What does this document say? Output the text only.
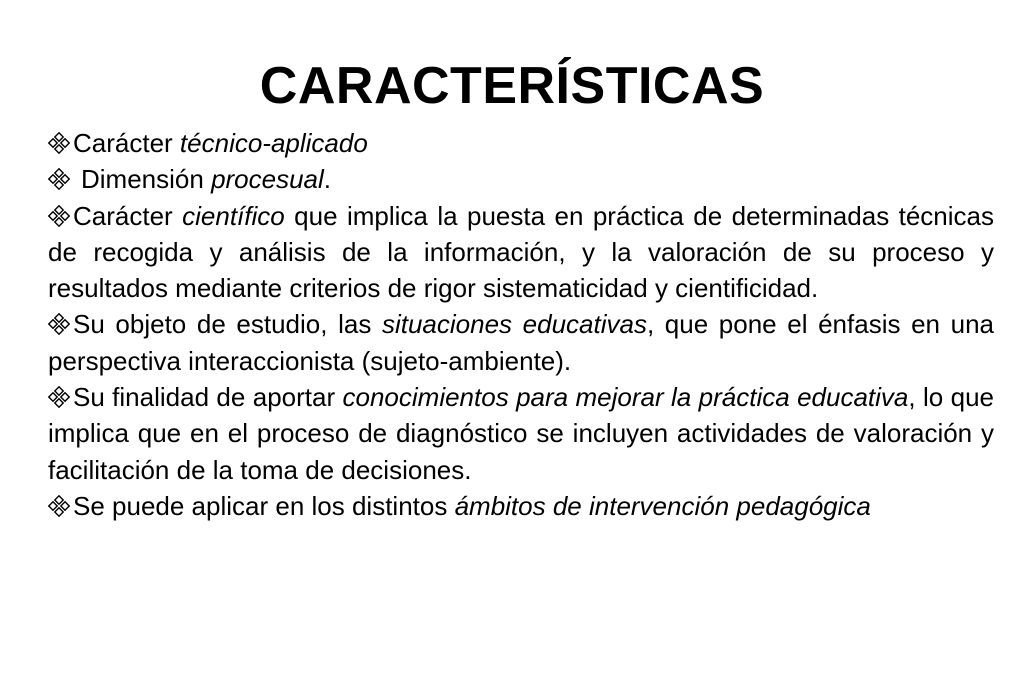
CARACTERÍSTICAS

Carácter técnico-aplicado

Dimensión procesual.

Carácter científico que implica la puesta en práctica de determinadas técnicas de recogida y análisis de la información, y la valoración de su proceso y resultados mediante criterios de rigor sistematicidad y cientificidad.

Su objeto de estudio, las situaciones educativas, que pone el énfasis en una perspectiva interaccionista (sujeto-ambiente).

Su finalidad de aportar conocimientos para mejorar la práctica educativa, lo que implica que en el proceso de diagnóstico se incluyen actividades de valoración y facilitación de la toma de decisiones.

Se puede aplicar en los distintos ámbitos de intervención pedagógica
